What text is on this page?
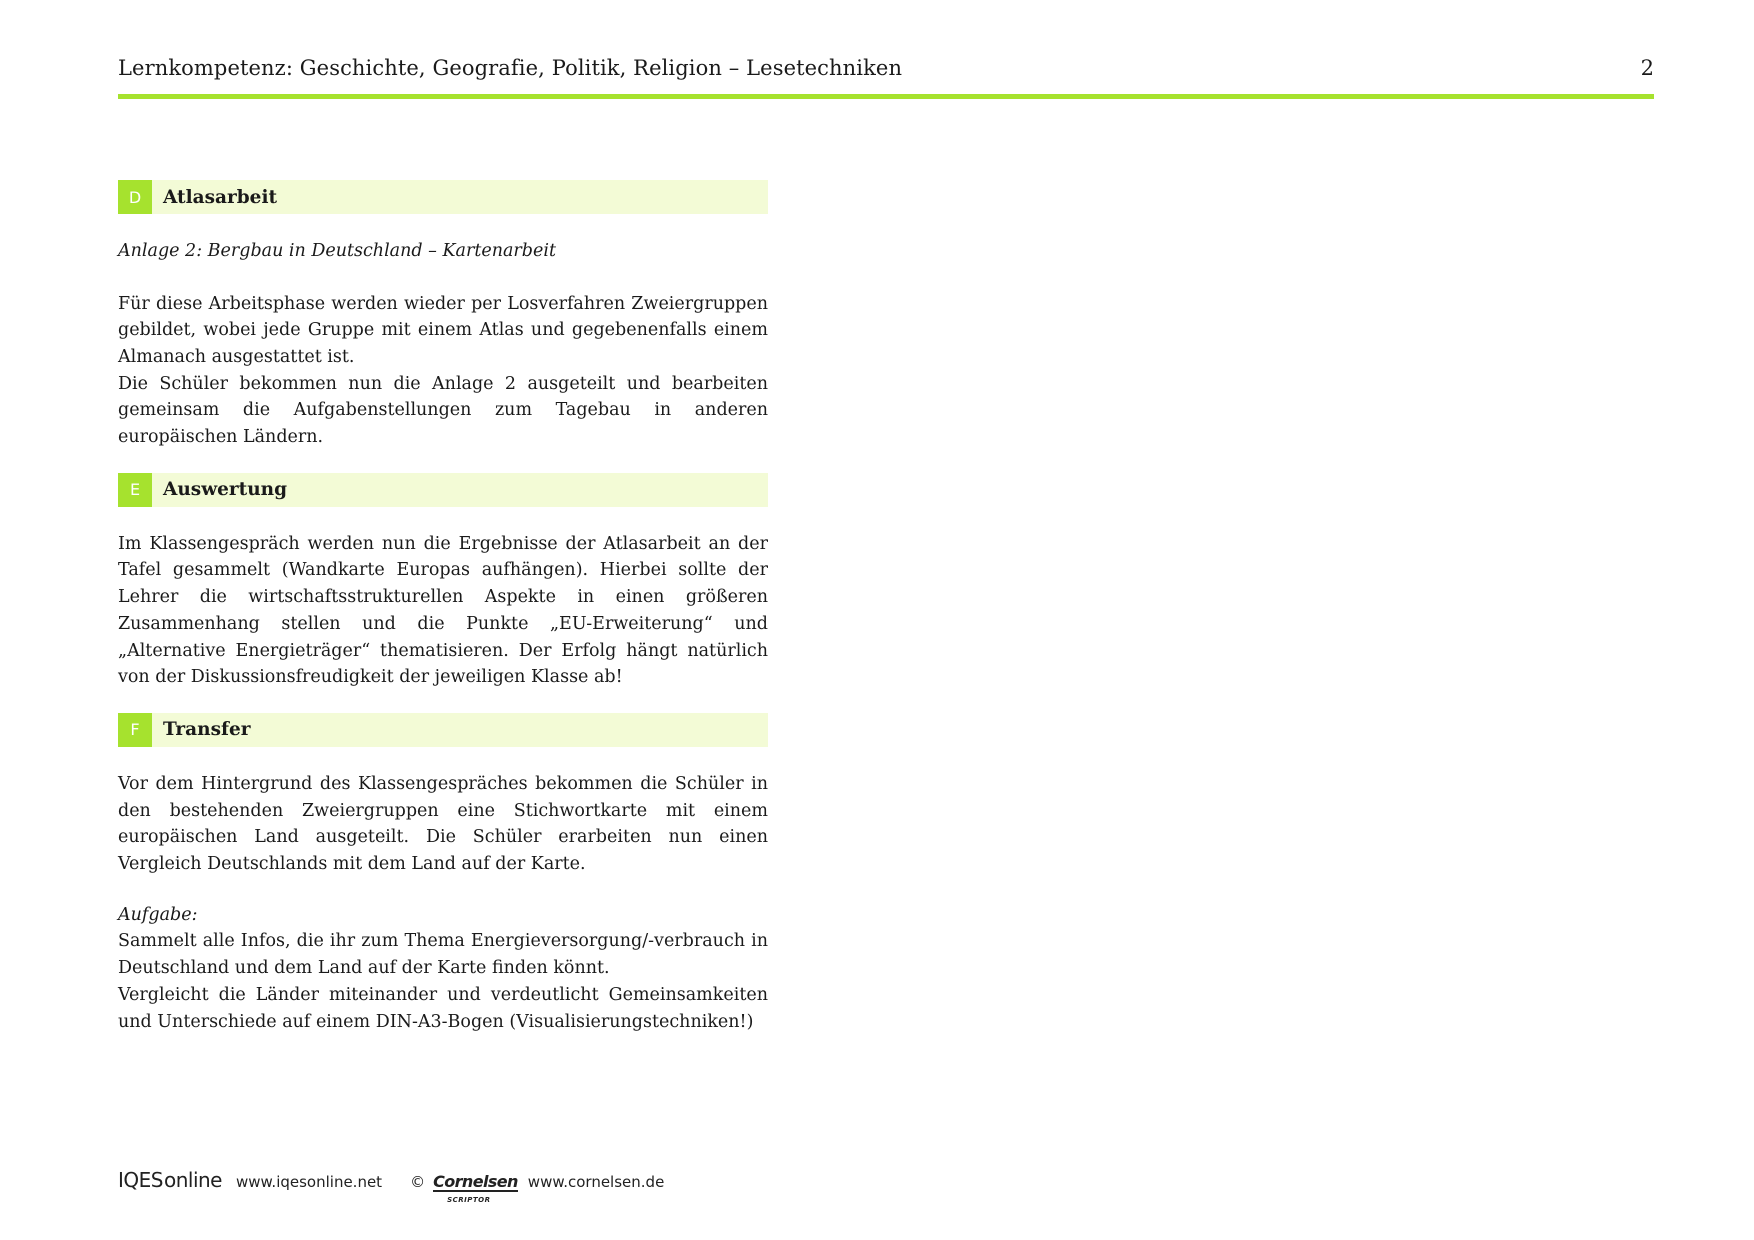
Lernkompetenz: Geschichte, Geografie, Politik, Religion – Lesetechniken	2
D	Atlasarbeit

Anlage 2: Bergbau in Deutschland – Kartenarbeit

Für diese Arbeitsphase werden wieder per Losverfahren Zweiergruppen gebildet, wobei jede Gruppe mit einem Atlas und gegebenenfalls einem Almanach ausgestattet ist.

Die Schüler bekommen nun die Anlage 2 ausgeteilt und bearbeiten gemeinsam die Aufgabenstellungen zum Tagebau in anderen europäischen Ländern.

E	Auswertung

Im Klassengespräch werden nun die Ergebnisse der Atlasarbeit an der Tafel gesammelt (Wandkarte Europas aufhängen). Hierbei sollte der Lehrer die wirtschaftsstrukturellen Aspekte in einen größeren Zusammenhang stellen und die Punkte „EU-Erweiterung“ und „Alternative Energieträger“ thematisieren. Der Erfolg hängt natürlich von der Diskussionsfreudigkeit der jeweiligen Klasse ab!

F	Transfer

Vor dem Hintergrund des Klassengespräches bekommen die Schüler in den bestehenden Zweiergruppen eine Stichwortkarte mit einem europäischen Land ausgeteilt. Die Schüler erarbeiten nun einen Vergleich Deutschlands mit dem Land auf der Karte.

Aufgabe:

Sammelt alle Infos, die ihr zum Thema Energieversorgung/-verbrauch in Deutschland und dem Land auf der Karte finden könnt.

Vergleicht die Länder miteinander und verdeutlicht Gemeinsamkeiten und Unterschiede auf einem DIN-A3-Bogen (Visualisierungstechniken!)

IQESonline www.iqesonline.net © Cornelsen
SCRIPTOR
www.cornelsen.de
